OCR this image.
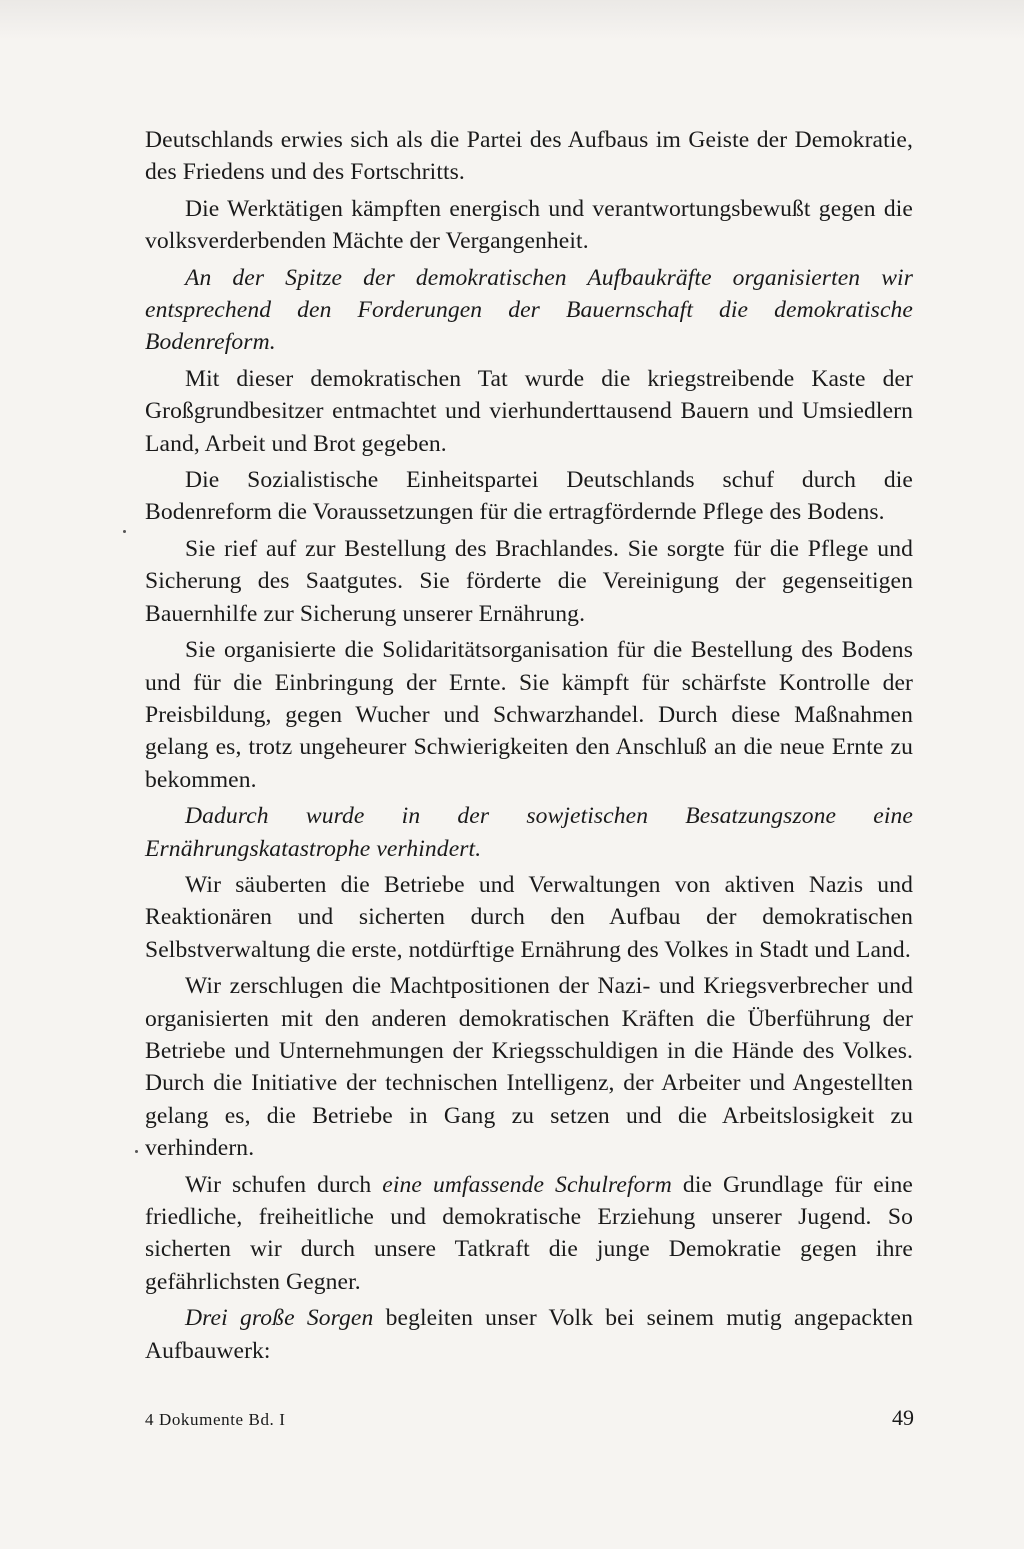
Deutschlands erwies sich als die Partei des Aufbaus im Geiste der Demokratie, des Friedens und des Fortschritts.

Die Werktätigen kämpften energisch und verantwortungsbewußt gegen die volksverderbenden Mächte der Vergangenheit.

An der Spitze der demokratischen Aufbaukräfte organisierten wir entsprechend den Forderungen der Bauernschaft die demokratische Bodenreform.

Mit dieser demokratischen Tat wurde die kriegstreibende Kaste der Großgrundbesitzer entmachtet und vierhunderttausend Bauern und Umsiedlern Land, Arbeit und Brot gegeben.

Die Sozialistische Einheitspartei Deutschlands schuf durch die Bodenreform die Voraussetzungen für die ertragfördernde Pflege des Bodens.

Sie rief auf zur Bestellung des Brachlandes. Sie sorgte für die Pflege und Sicherung des Saatgutes. Sie förderte die Vereinigung der gegenseitigen Bauernhilfe zur Sicherung unserer Ernährung.

Sie organisierte die Solidaritätsorganisation für die Bestellung des Bodens und für die Einbringung der Ernte. Sie kämpft für schärfste Kontrolle der Preisbildung, gegen Wucher und Schwarzhandel. Durch diese Maßnahmen gelang es, trotz ungeheurer Schwierigkeiten den Anschluß an die neue Ernte zu bekommen.

Dadurch wurde in der sowjetischen Besatzungszone eine Ernährungskatastrophe verhindert.

Wir säuberten die Betriebe und Verwaltungen von aktiven Nazis und Reaktionären und sicherten durch den Aufbau der demokratischen Selbstverwaltung die erste, notdürftige Ernährung des Volkes in Stadt und Land.

Wir zerschlugen die Machtpositionen der Nazi- und Kriegsverbrecher und organisierten mit den anderen demokratischen Kräften die Überführung der Betriebe und Unternehmungen der Kriegsschuldigen in die Hände des Volkes. Durch die Initiative der technischen Intelligenz, der Arbeiter und Angestellten gelang es, die Betriebe in Gang zu setzen und die Arbeitslosigkeit zu verhindern.

Wir schufen durch eine umfassende Schulreform die Grundlage für eine friedliche, freiheitliche und demokratische Erziehung unserer Jugend. So sicherten wir durch unsere Tatkraft die junge Demokratie gegen ihre gefährlichsten Gegner.

Drei große Sorgen begleiten unser Volk bei seinem mutig angepackten Aufbauwerk:

4 Dokumente Bd. I	49
